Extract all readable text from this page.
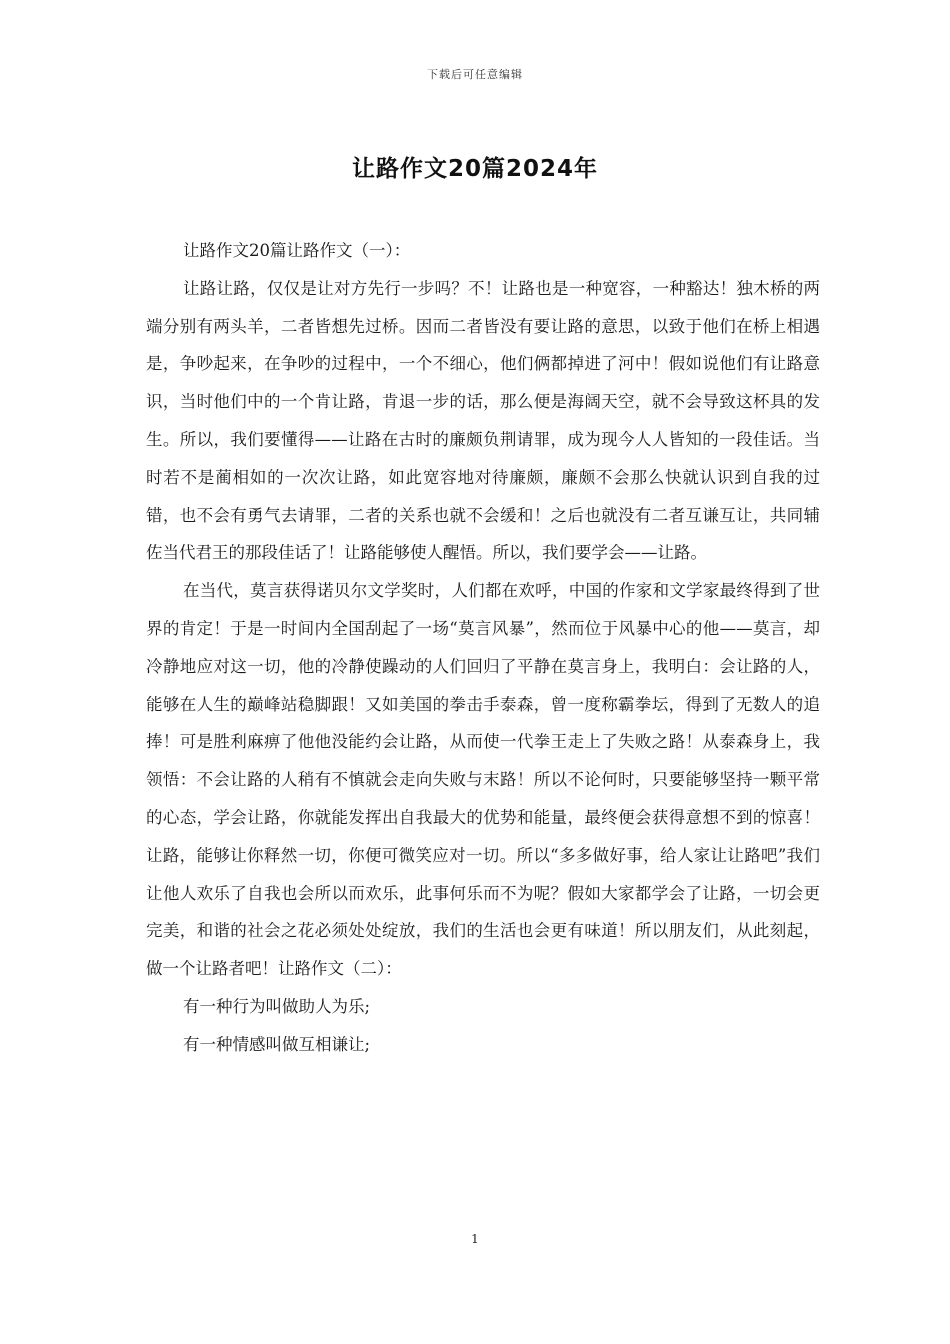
下载后可任意编辑
让路作文20篇2024年

让路作文20篇让路作文（一）：

让路让路，仅仅是让对方先行一步吗？不！让路也是一种宽容，一种豁达！独木桥的两端分别有两头羊，二者皆想先过桥。因而二者皆没有要让路的意思，以致于他们在桥上相遇是，争吵起来，在争吵的过程中，一个不细心，他们俩都掉进了河中！假如说他们有让路意识，当时他们中的一个肯让路，肯退一步的话，那么便是海阔天空，就不会导致这杯具的发生。所以，我们要懂得——让路在古时的廉颇负荆请罪，成为现今人人皆知的一段佳话。当时若不是蔺相如的一次次让路，如此宽容地对待廉颇，廉颇不会那么快就认识到自我的过错，也不会有勇气去请罪，二者的关系也就不会缓和！之后也就没有二者互谦互让，共同辅佐当代君王的那段佳话了！让路能够使人醒悟。所以，我们要学会——让路。

在当代，莫言获得诺贝尔文学奖时，人们都在欢呼，中国的作家和文学家最终得到了世界的肯定！于是一时间内全国刮起了一场“莫言风暴”，然而位于风暴中心的他——莫言，却冷静地应对这一切，他的冷静使躁动的人们回归了平静在莫言身上，我明白：会让路的人，能够在人生的巅峰站稳脚跟！又如美国的拳击手泰森，曾一度称霸拳坛，得到了无数人的追捧！可是胜利麻痹了他他没能约会让路，从而使一代拳王走上了失败之路！从泰森身上，我领悟：不会让路的人稍有不慎就会走向失败与末路！所以不论何时，只要能够坚持一颗平常的心态，学会让路，你就能发挥出自我最大的优势和能量，最终便会获得意想不到的惊喜！让路，能够让你释然一切，你便可微笑应对一切。所以“多多做好事，给人家让让路吧”我们让他人欢乐了自我也会所以而欢乐，此事何乐而不为呢？假如大家都学会了让路，一切会更完美，和谐的社会之花必须处处绽放，我们的生活也会更有味道！所以朋友们，从此刻起，做一个让路者吧！让路作文（二）：

有一种行为叫做助人为乐;

有一种情感叫做互相谦让;

1
